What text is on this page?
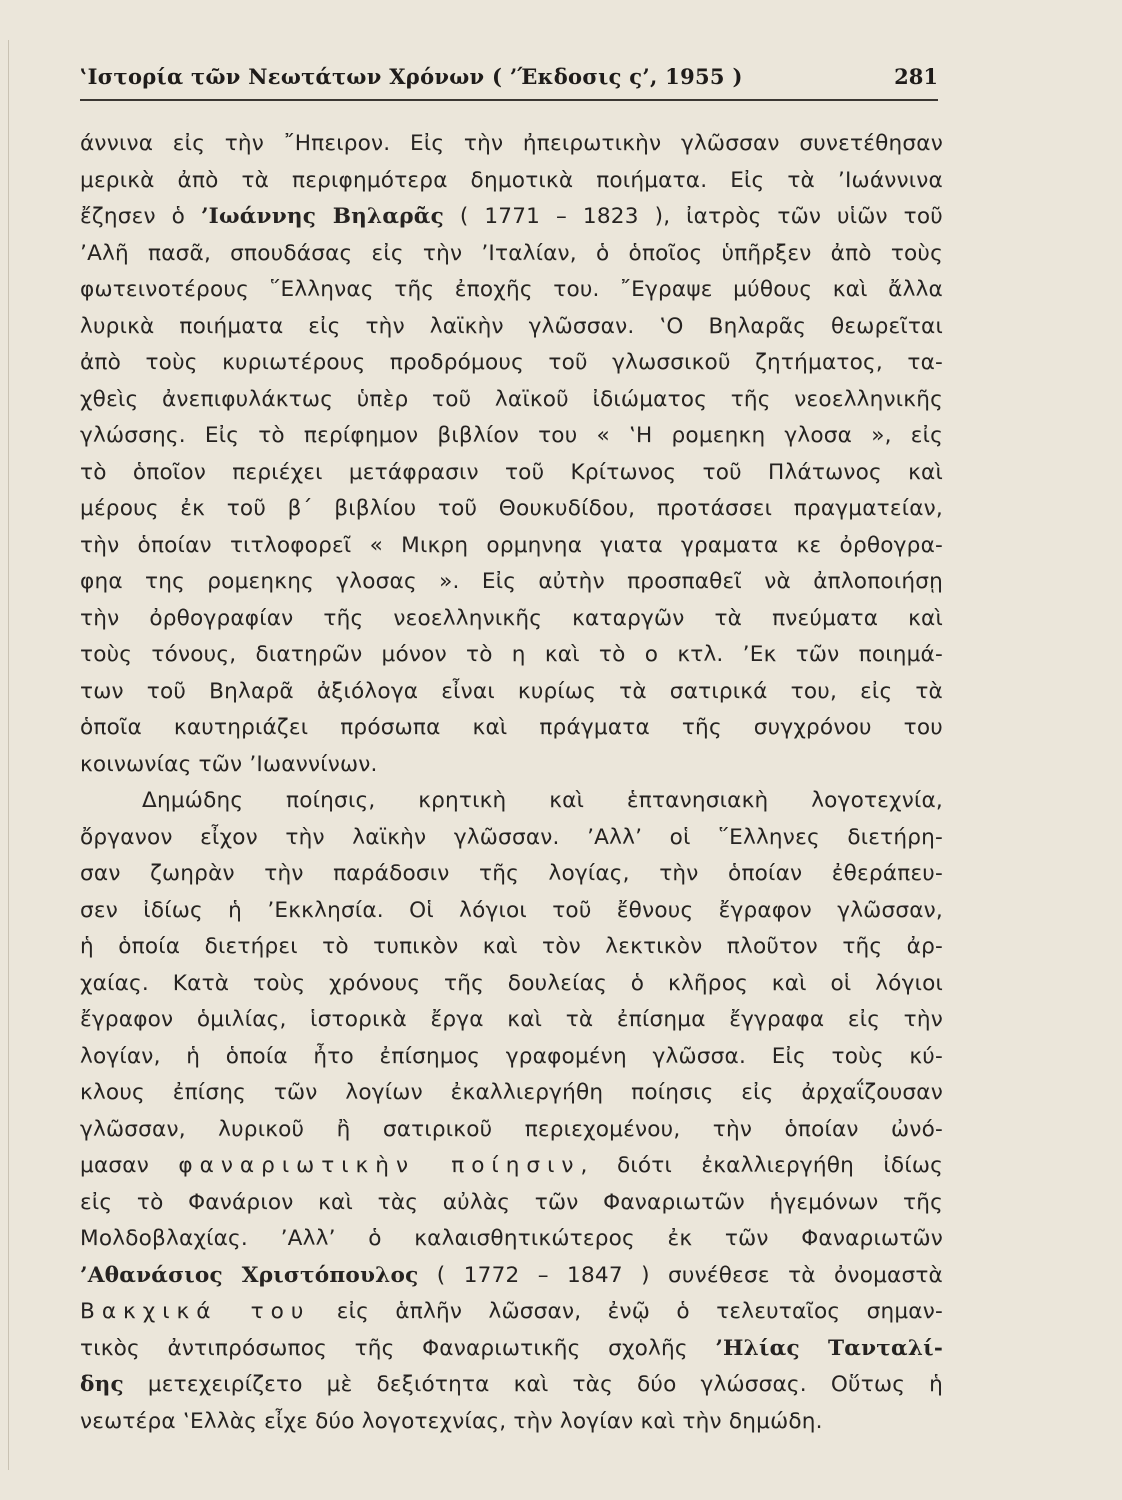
‛Ιστορία τῶν Νεωτάτων Χρόνων ( ’Έκδοσις ς’, 1955 )	281
άννινα εἰς τὴν ῎Ηπειρον. Εἰς τὴν ἠπειρωτικὴν γλῶσσαν συνετέθησαν
μερικὰ ἀπὸ τὰ περιφημότερα δημοτικὰ ποιήματα. Εἰς τὰ ’Ιωάννινα
ἔζησεν ὁ ’Ιωάννης Βηλαρᾶς ( 1771 – 1823 ), ἰατρὸς τῶν υἱῶν τοῦ
’Αλῆ πασᾶ, σπουδάσας εἰς τὴν ’Ιταλίαν, ὁ ὁποῖος ὑπῆρξεν ἀπὸ τοὺς
φωτεινοτέρους ῞Ελληνας τῆς ἐποχῆς του. ῎Εγραψε μύθους καὶ ἄλλα
λυρικὰ ποιήματα εἰς τὴν λαϊκὴν γλῶσσαν. ‛Ο Βηλαρᾶς θεωρεῖται
ἀπὸ τοὺς κυριωτέρους προδρόμους τοῦ γλωσσικοῦ ζητήματος, τα-
χθεὶς ἀνεπιφυλάκτως ὑπὲρ τοῦ λαϊκοῦ ἰδιώματος τῆς νεοελληνικῆς
γλώσσης. Εἰς τὸ περίφημον βιβλίον του « ‛Η ρομεηκη γλοσα », εἰς
τὸ ὁποῖον περιέχει μετάφρασιν τοῦ Κρίτωνος τοῦ Πλάτωνος καὶ
μέρους ἐκ τοῦ β΄ βιβλίου τοῦ Θουκυδίδου, προτάσσει πραγματείαν,
τὴν ὁποίαν τιτλοφορεῖ « Μικρη ορμηνηα γιατα γραματα κε ὀρθογρα-
φηα της ρομεηκης γλοσας ». Εἰς αὐτὴν προσπαθεῖ νὰ ἀπλοποιήσῃ
τὴν ὀρθογραφίαν τῆς νεοελληνικῆς καταργῶν τὰ πνεύματα καὶ
τοὺς τόνους, διατηρῶν μόνον τὸ η καὶ τὸ ο κτλ. ’Εκ τῶν ποιημά-
των τοῦ Βηλαρᾶ ἀξιόλογα εἶναι κυρίως τὰ σατιρικά του, εἰς τὰ
ὁποῖα καυτηριάζει πρόσωπα καὶ πράγματα τῆς συγχρόνου του
κοινωνίας τῶν ’Ιωαννίνων.
Δημώδης ποίησις, κρητικὴ καὶ ἑπτανησιακὴ λογοτεχνία,
ὄργανον εἶχον τὴν λαϊκὴν γλῶσσαν. ’Αλλ’ οἱ ῞Ελληνες διετήρη-
σαν ζωηρὰν τὴν παράδοσιν τῆς λογίας, τὴν ὁποίαν ἐθεράπευ-
σεν ἰδίως ἡ ’Εκκλησία. Οἱ λόγιοι τοῦ ἔθνους ἔγραφον γλῶσσαν,
ἡ ὁποία διετήρει τὸ τυπικὸν καὶ τὸν λεκτικὸν πλοῦτον τῆς ἀρ-
χαίας. Κατὰ τοὺς χρόνους τῆς δουλείας ὁ κλῆρος καὶ οἱ λόγιοι
ἔγραφον ὁμιλίας, ἱστορικὰ ἔργα καὶ τὰ ἐπίσημα ἔγγραφα εἰς τὴν
λογίαν, ἡ ὁποία ἦτο ἐπίσημος γραφομένη γλῶσσα. Εἰς τοὺς κύ-
κλους ἐπίσης τῶν λογίων ἐκαλλιεργήθη ποίησις εἰς ἀρχαΐζουσαν
γλῶσσαν, λυρικοῦ ἢ σατιρικοῦ περιεχομένου, τὴν ὁποίαν ὠνό-
μασαν φαναριωτικὴν ποίησιν, διότι ἐκαλλιεργήθη ἰδίως
εἰς τὸ Φανάριον καὶ τὰς αὐλὰς τῶν Φαναριωτῶν ἡγεμόνων τῆς
Μολδοβλαχίας. ’Αλλ’ ὁ καλαισθητικώτερος ἐκ τῶν Φαναριωτῶν
’Αθανάσιος Χριστόπουλος ( 1772 – 1847 ) συνέθεσε τὰ ὀνομαστὰ
Βακχικά του εἰς ἁπλῆν λῶσσαν, ἐνῷ ὁ τελευταῖος σημαν-
τικὸς ἀντιπρόσωπος τῆς Φαναριωτικῆς σχολῆς ’Ηλίας Τανταλί-
δης μετεχειρίζετο μὲ δεξιότητα καὶ τὰς δύο γλώσσας. Οὕτως ἡ
νεωτέρα ‛Ελλὰς εἶχε δύο λογοτεχνίας, τὴν λογίαν καὶ τὴν δημώδη.
